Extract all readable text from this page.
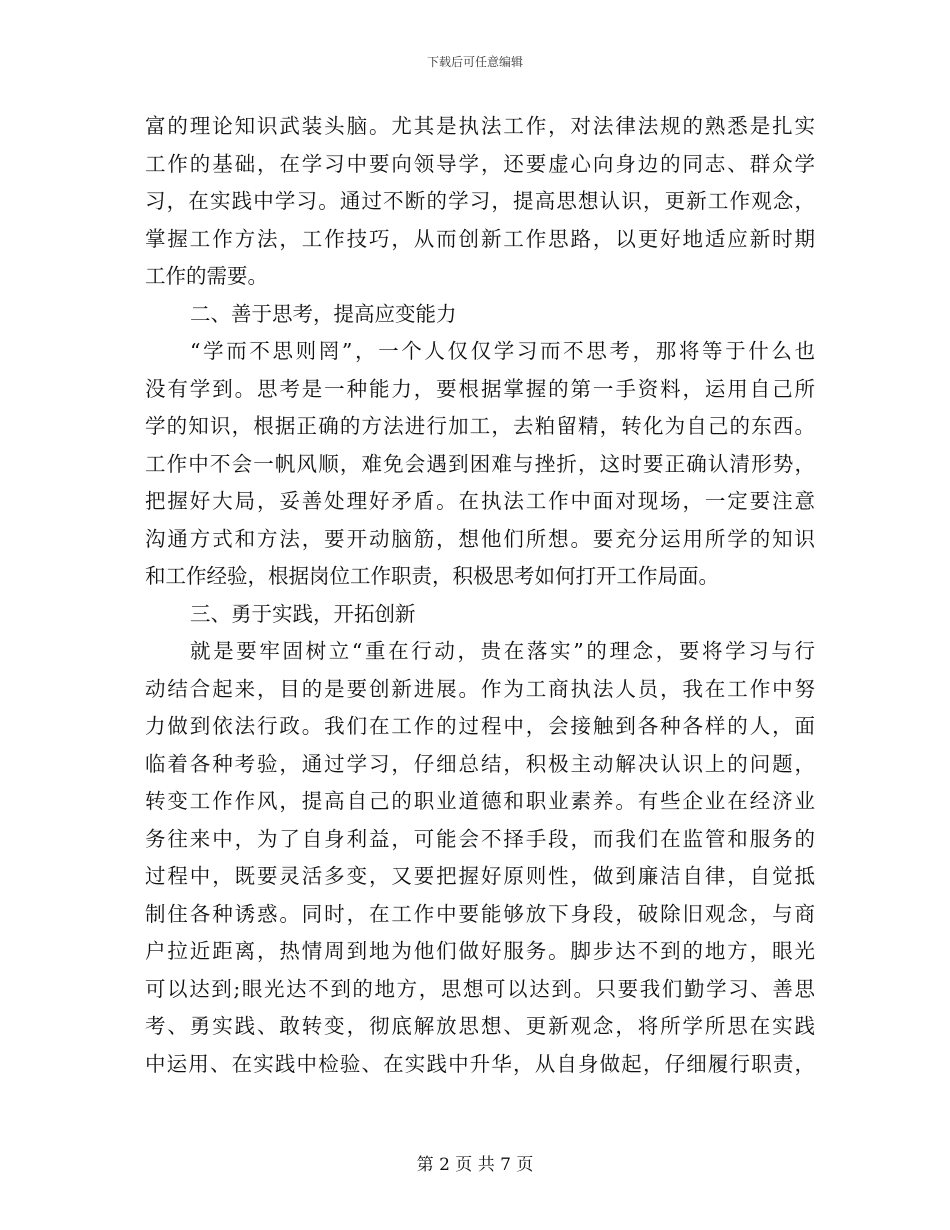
下载后可任意编辑
富的理论知识武装头脑。尤其是执法工作，对法律法规的熟悉是扎实
工作的基础，在学习中要向领导学，还要虚心向身边的同志、群众学
习，在实践中学习。通过不断的学习，提高思想认识，更新工作观念，
掌握工作方法，工作技巧，从而创新工作思路，以更好地适应新时期
工作的需要。
二、善于思考，提高应变能力
“学而不思则罔”，一个人仅仅学习而不思考，那将等于什么也
没有学到。思考是一种能力，要根据掌握的第一手资料，运用自己所
学的知识，根据正确的方法进行加工，去粕留精，转化为自己的东西。
工作中不会一帆风顺，难免会遇到困难与挫折，这时要正确认清形势，
把握好大局，妥善处理好矛盾。在执法工作中面对现场，一定要注意
沟通方式和方法，要开动脑筋，想他们所想。要充分运用所学的知识
和工作经验，根据岗位工作职责，积极思考如何打开工作局面。
三、勇于实践，开拓创新
就是要牢固树立“重在行动，贵在落实”的理念，要将学习与行
动结合起来，目的是要创新进展。作为工商执法人员，我在工作中努
力做到依法行政。我们在工作的过程中，会接触到各种各样的人，面
临着各种考验，通过学习，仔细总结，积极主动解决认识上的问题，
转变工作作风，提高自己的职业道德和职业素养。有些企业在经济业
务往来中，为了自身利益，可能会不择手段，而我们在监管和服务的
过程中，既要灵活多变，又要把握好原则性，做到廉洁自律，自觉抵
制住各种诱惑。同时，在工作中要能够放下身段，破除旧观念，与商
户拉近距离，热情周到地为他们做好服务。脚步达不到的地方，眼光
可以达到;眼光达不到的地方，思想可以达到。只要我们勤学习、善思
考、勇实践、敢转变，彻底解放思想、更新观念，将所学所思在实践
中运用、在实践中检验、在实践中升华，从自身做起，仔细履行职责，
第 2 页 共 7 页
